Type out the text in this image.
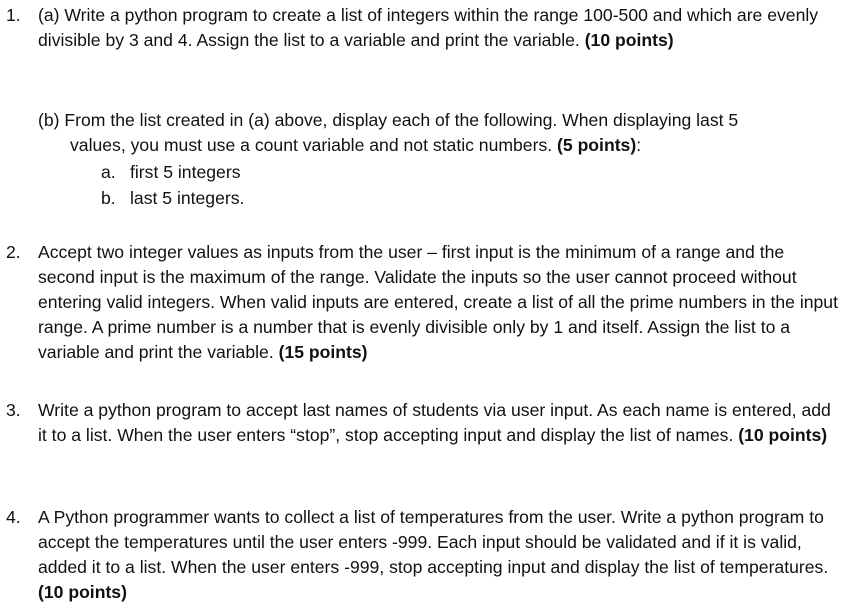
1. (a) Write a python program to create a list of integers within the range 100-500 and which are evenly divisible by 3 and 4. Assign the list to a variable and print the variable. (10 points)
(b) From the list created in (a) above, display each of the following. When displaying last 5
values, you must use a count variable and not static numbers. (5 points):
a. first 5 integers
b. last 5 integers.
2. Accept two integer values as inputs from the user – first input is the minimum of a range and the second input is the maximum of the range. Validate the inputs so the user cannot proceed without entering valid integers. When valid inputs are entered, create a list of all the prime numbers in the input range. A prime number is a number that is evenly divisible only by 1 and itself. Assign the list to a variable and print the variable. (15 points)
3. Write a python program to accept last names of students via user input. As each name is entered, add it to a list. When the user enters “stop”, stop accepting input and display the list of names. (10 points)
4. A Python programmer wants to collect a list of temperatures from the user. Write a python program to accept the temperatures until the user enters -999. Each input should be validated and if it is valid, added it to a list. When the user enters -999, stop accepting input and display the list of temperatures. (10 points)
